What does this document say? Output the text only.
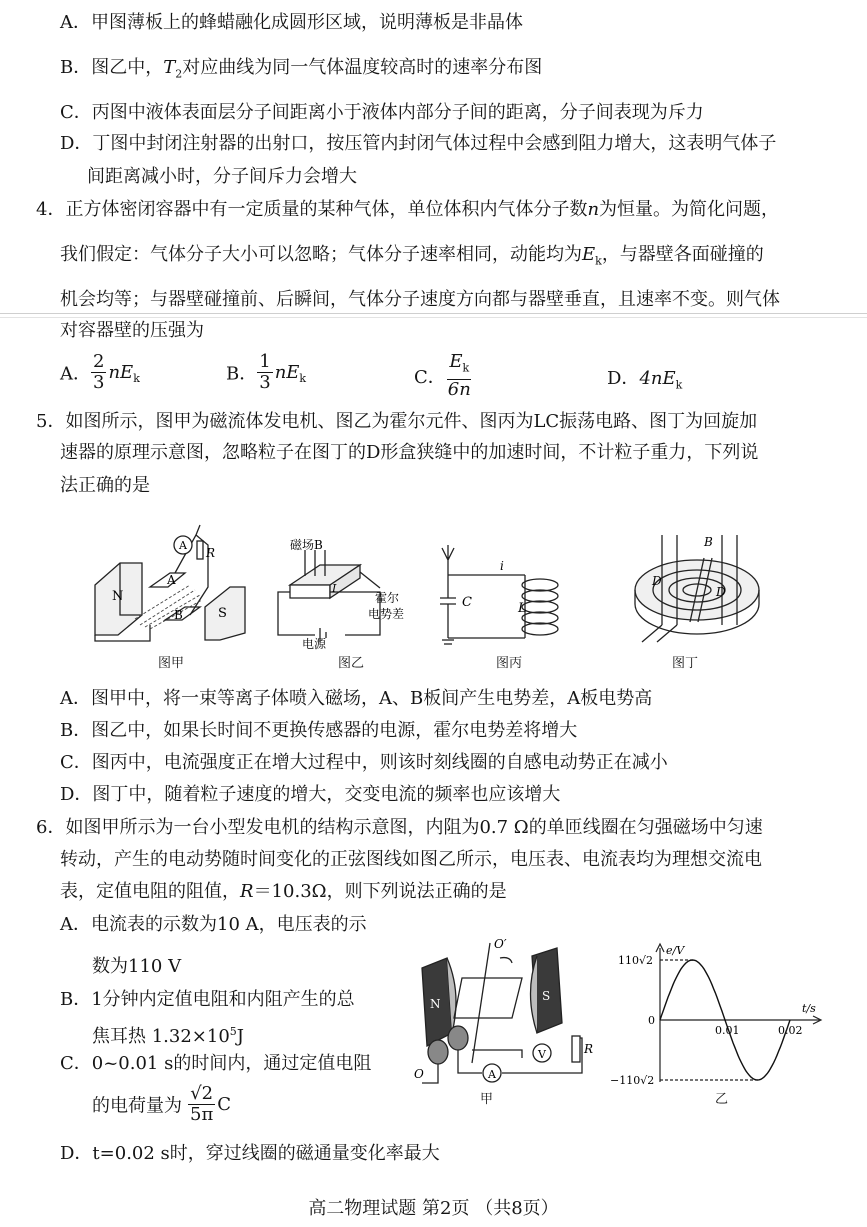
A．甲图薄板上的蜂蜡融化成圆形区域，说明薄板是非晶体
B．图乙中，$T_2$对应曲线为同一气体温度较高时的速率分布图
C．丙图中液体表面层分子间距离小于液体内部分子间的距离，分子间表现为斥力
D．丁图中封闭注射器的出射口，按压管内封闭气体过程中会感到阻力增大，这表明气体子
间距离减小时，分子间斥力会增大
4．正方体密闭容器中有一定质量的某种气体，单位体积内气体分子数n为恒量。为简化问题，
我们假定：气体分子大小可以忽略；气体分子速率相同，动能均为$E_k$，与器壁各面碰撞的
机会均等；与器壁碰撞前、后瞬间，气体分子速度方向都与器壁垂直，且速率不变。则气体
对容器壁的压强为
A． $\frac{2}{3} nE_k$	B． $\frac{1}{3} nE_k$	C． $\frac{E_k}{6n}$	D．$4nE_k$
5．如图所示，图甲为磁流体发电机、图乙为霍尔元件、图丙为LC振荡电路、图丁为回旋加
速器的原理示意图，忽略粒子在图丁的D形盒狭缝中的加速时间，不计粒子重力，下列说
法正确的是
N
S
A
B
A
R
图甲
磁场B
I
霍尔
电势差
电源
图乙
C	L
i
图丙
B
D
D
图丁
A．图甲中，将一束等离子体喷入磁场，A、B板间产生电势差，A板电势高
B．图乙中，如果长时间不更换传感器的电源，霍尔电势差将增大
C．图丙中，电流强度正在增大过程中，则该时刻线圈的自感电动势正在减小
D．图丁中，随着粒子速度的增大，交变电流的频率也应该增大
6．如图甲所示为一台小型发电机的结构示意图，内阻为0.7 Ω的单匝线圈在匀强磁场中匀速
转动，产生的电动势随时间变化的正弦图线如图乙所示，电压表、电流表均为理想交流电
表，定值电阻的阻值，R＝10.3Ω，则下列说法正确的是
A．电流表的示数为10 A，电压表的示
数为110 V
B．1分钟内定值电阻和内阻产生的总
焦耳热 $1.32\times 10^5J$
C．0~0.01 s的时间内，通过定值电阻
的电荷量为 $\frac{√2}{5\pi}$ C
D．t=0.02 s时，穿过线圈的磁通量变化率最大
N
S
O′
O
V
A
R
甲
110√2
−110√2
0
0.01	0.02
e/V
t/s
乙
高二物理试题 第2页 （共8页）
